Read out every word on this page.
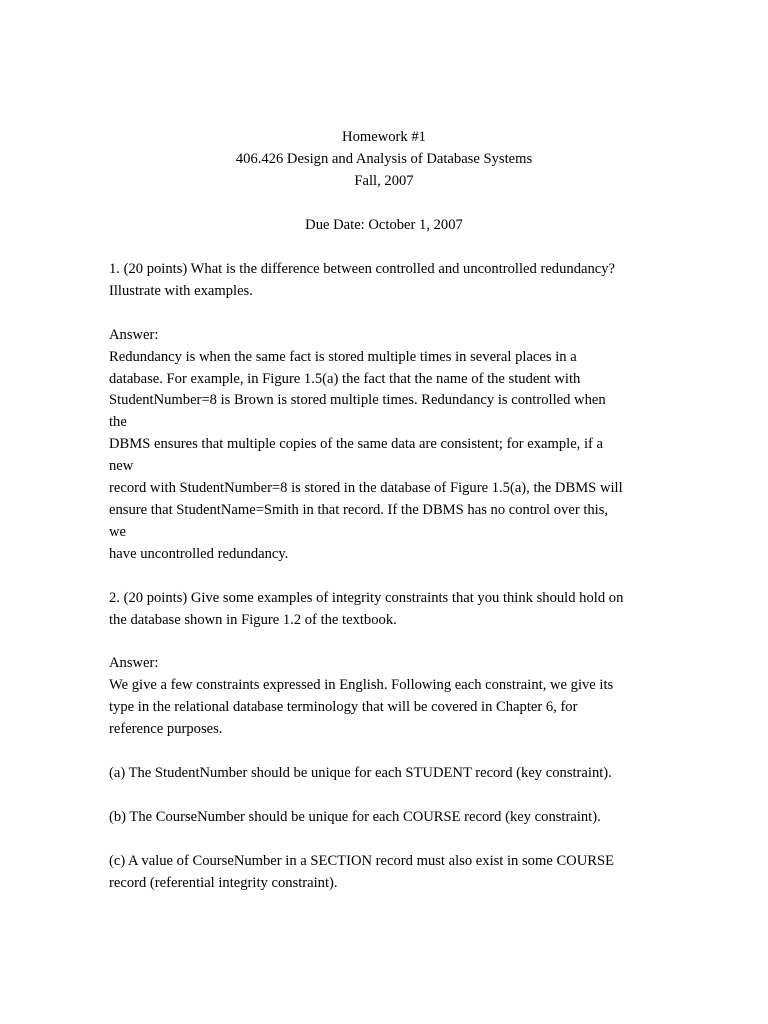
Homework #1
406.426 Design and Analysis of Database Systems
Fall, 2007
Due Date: October 1, 2007
1. (20 points) What is the difference between controlled and uncontrolled redundancy?
Illustrate with examples.
Answer:
Redundancy is when the same fact is stored multiple times in several places in a
database. For example, in Figure 1.5(a) the fact that the name of the student with
StudentNumber=8 is Brown is stored multiple times. Redundancy is controlled when
the
DBMS ensures that multiple copies of the same data are consistent; for example, if a
new
record with StudentNumber=8 is stored in the database of Figure 1.5(a), the DBMS will
ensure that StudentName=Smith in that record. If the DBMS has no control over this,
we
have uncontrolled redundancy.
2. (20 points) Give some examples of integrity constraints that you think should hold on
the database shown in Figure 1.2 of the textbook.
Answer:
We give a few constraints expressed in English. Following each constraint, we give its
type in the relational database terminology that will be covered in Chapter 6, for
reference purposes.
(a) The StudentNumber should be unique for each STUDENT record (key constraint).
(b) The CourseNumber should be unique for each COURSE record (key constraint).
(c) A value of CourseNumber in a SECTION record must also exist in some COURSE
record (referential integrity constraint).
